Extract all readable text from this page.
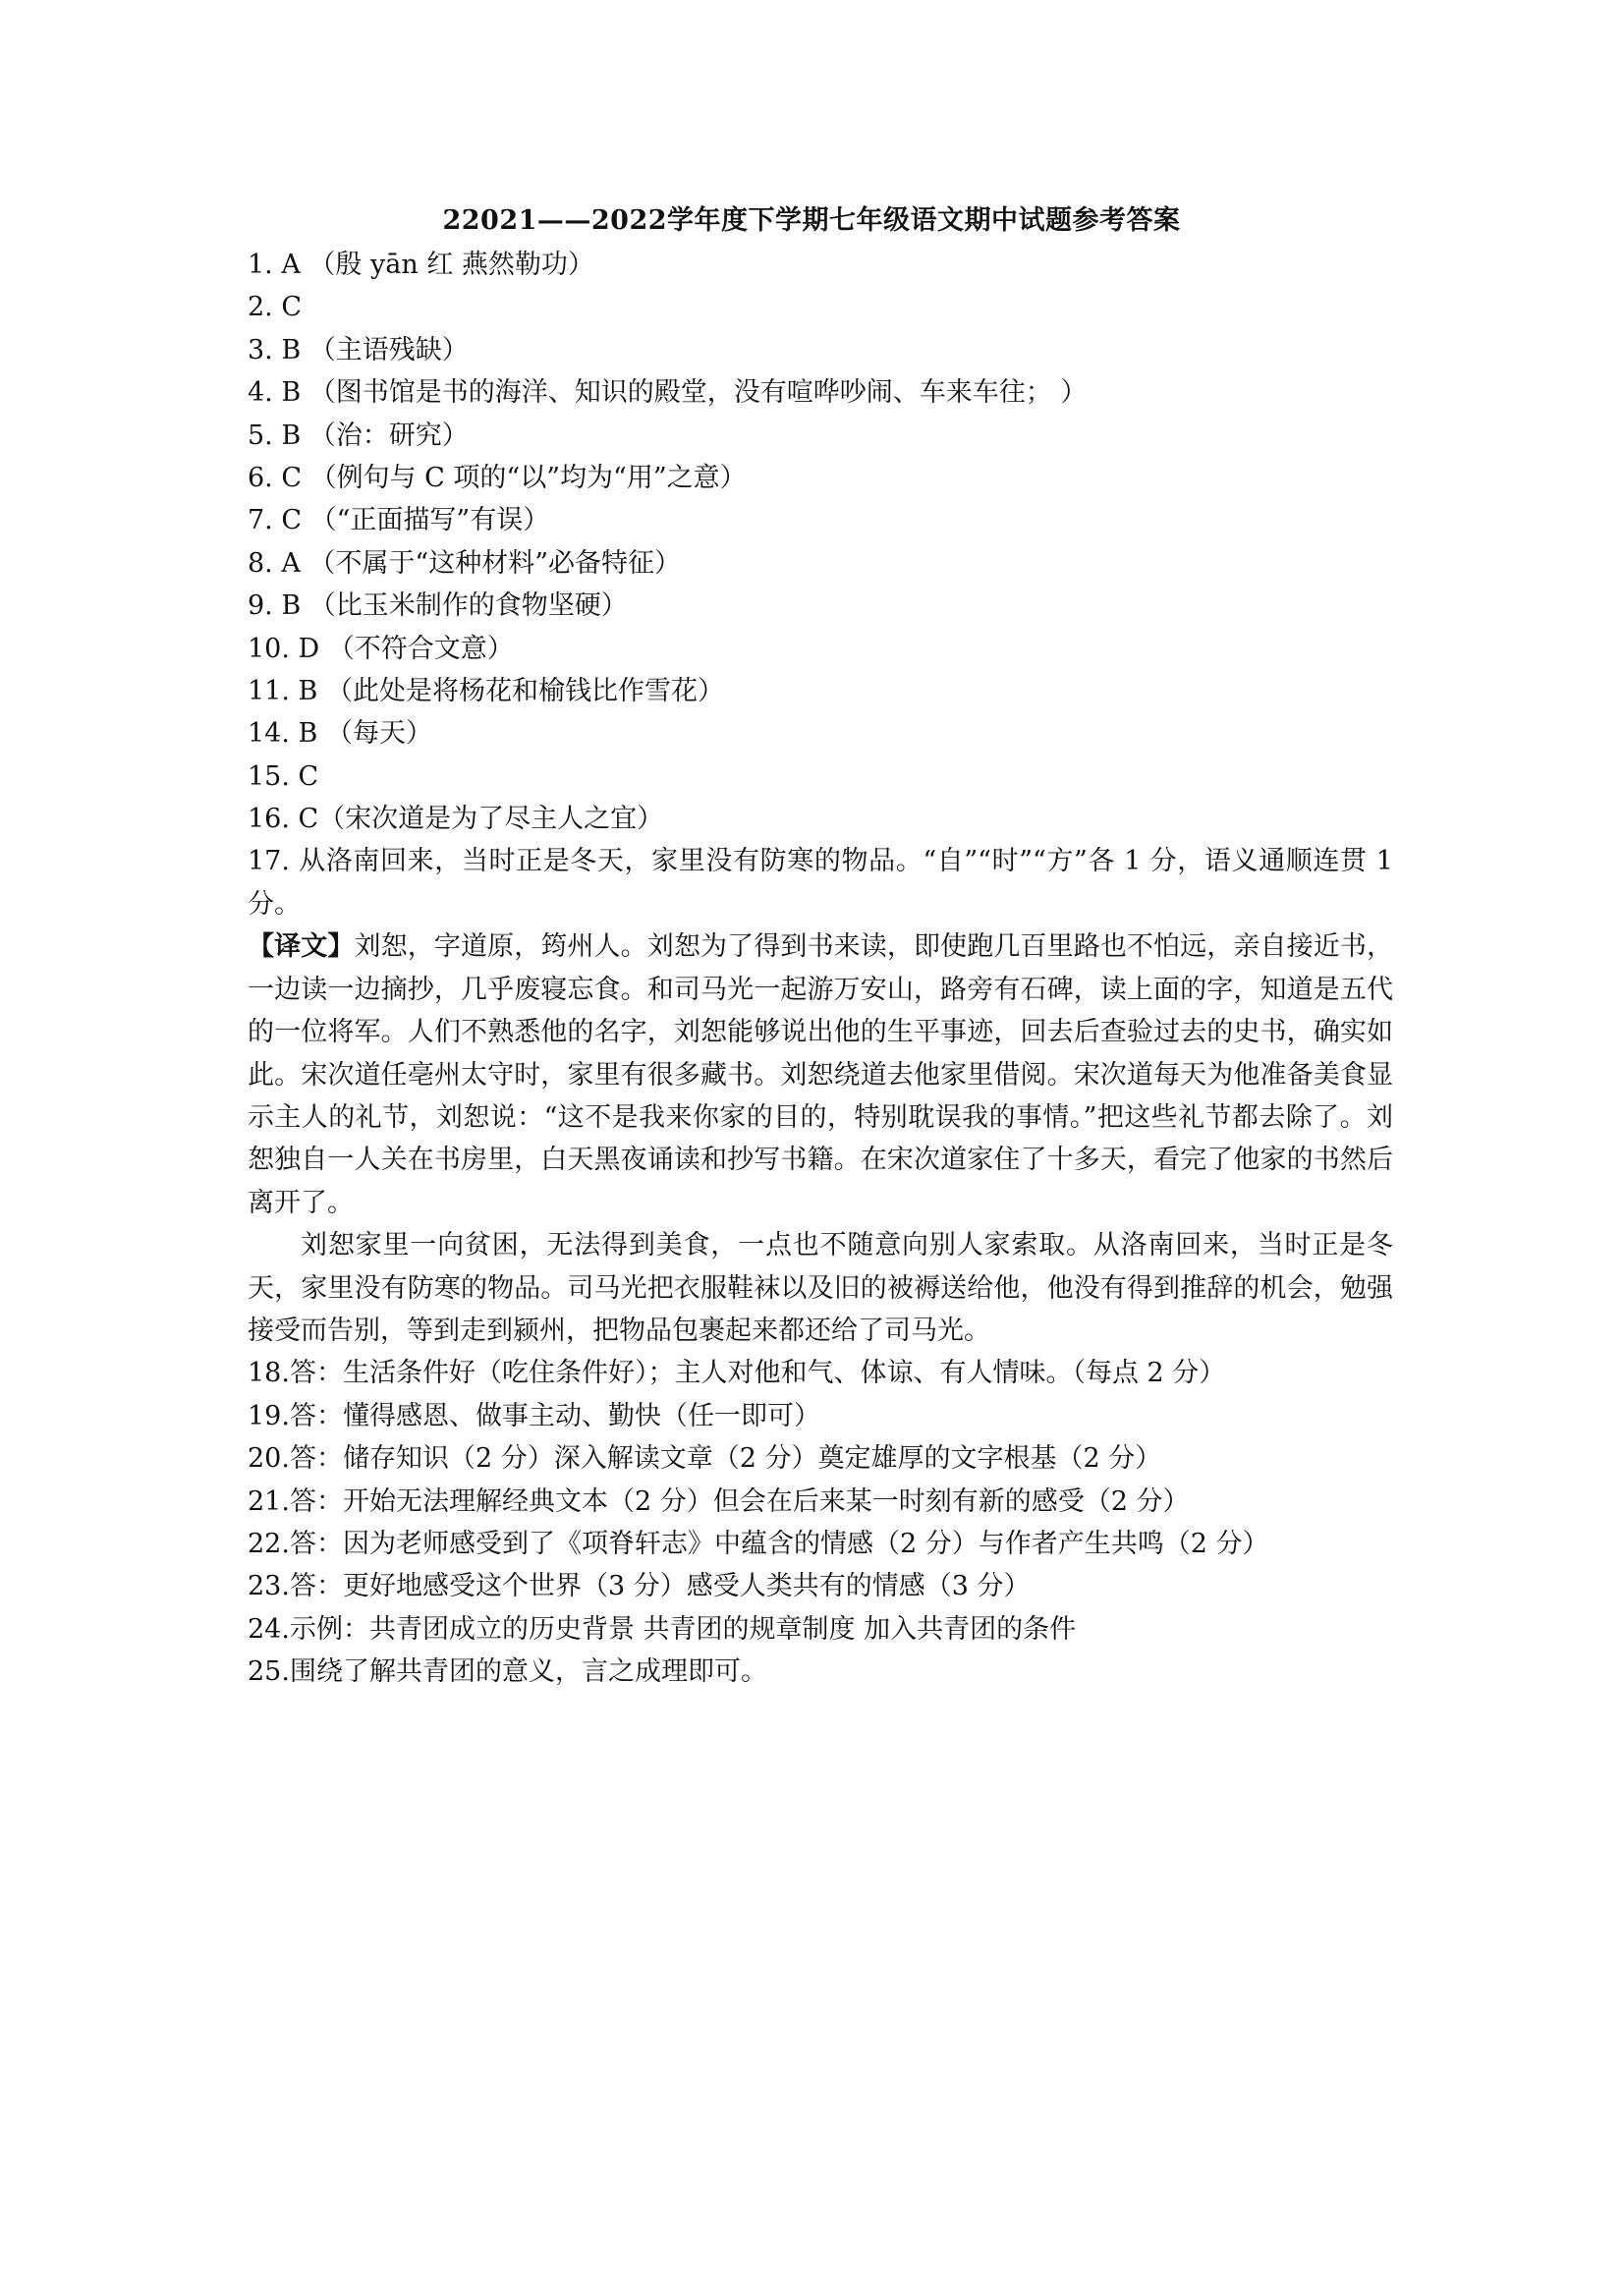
22021——2022学年度下学期七年级语文期中试题参考答案
1. A （殷 yān 红 燕然勒功）
2. C
3. B （主语残缺）
4. B （图书馆是书的海洋、知识的殿堂，没有喧哗吵闹、车来车往； ）
5. B （治：研究）
6. C （例句与 C 项的“以”均为“用”之意）
7. C （“正面描写”有误）
8. A （不属于“这种材料”必备特征）
9. B （比玉米制作的食物坚硬）
10. D （不符合文意）
11. B （此处是将杨花和榆钱比作雪花）
14. B （每天）
15. C
16. C（宋次道是为了尽主人之宜）
17. 从洛南回来，当时正是冬天，家里没有防寒的物品。“自”“时”“方”各 1 分，语义通顺连贯 1 分。
【译文】刘恕，字道原，筠州人。刘恕为了得到书来读，即使跑几百里路也不怕远，亲自接近书，一边读一边摘抄，几乎废寝忘食。和司马光一起游万安山，路旁有石碑，读上面的字，知道是五代的一位将军。人们不熟悉他的名字，刘恕能够说出他的生平事迹，回去后查验过去的史书，确实如此。宋次道任亳州太守时，家里有很多藏书。刘恕绕道去他家里借阅。宋次道每天为他准备美食显示主人的礼节，刘恕说：“这不是我来你家的目的，特别耽误我的事情。”把这些礼节都去除了。刘恕独自一人关在书房里，白天黑夜诵读和抄写书籍。在宋次道家住了十多天，看完了他家的书然后离开了。
刘恕家里一向贫困，无法得到美食，一点也不随意向别人家索取。从洛南回来，当时正是冬天，家里没有防寒的物品。司马光把衣服鞋袜以及旧的被褥送给他，他没有得到推辞的机会，勉强接受而告别，等到走到颍州，把物品包裹起来都还给了司马光。
18.答：生活条件好（吃住条件好）；主人对他和气、体谅、有人情味。（每点 2 分）
19.答：懂得感恩、做事主动、勤快（任一即可）
20.答：储存知识（2 分）深入解读文章（2 分）奠定雄厚的文字根基（2 分）
21.答：开始无法理解经典文本（2 分）但会在后来某一时刻有新的感受（2 分）
22.答：因为老师感受到了《项脊轩志》中蕴含的情感（2 分）与作者产生共鸣（2 分）
23.答：更好地感受这个世界（3 分）感受人类共有的情感（3 分）
24.示例：共青团成立的历史背景 共青团的规章制度 加入共青团的条件
25.围绕了解共青团的意义，言之成理即可。
